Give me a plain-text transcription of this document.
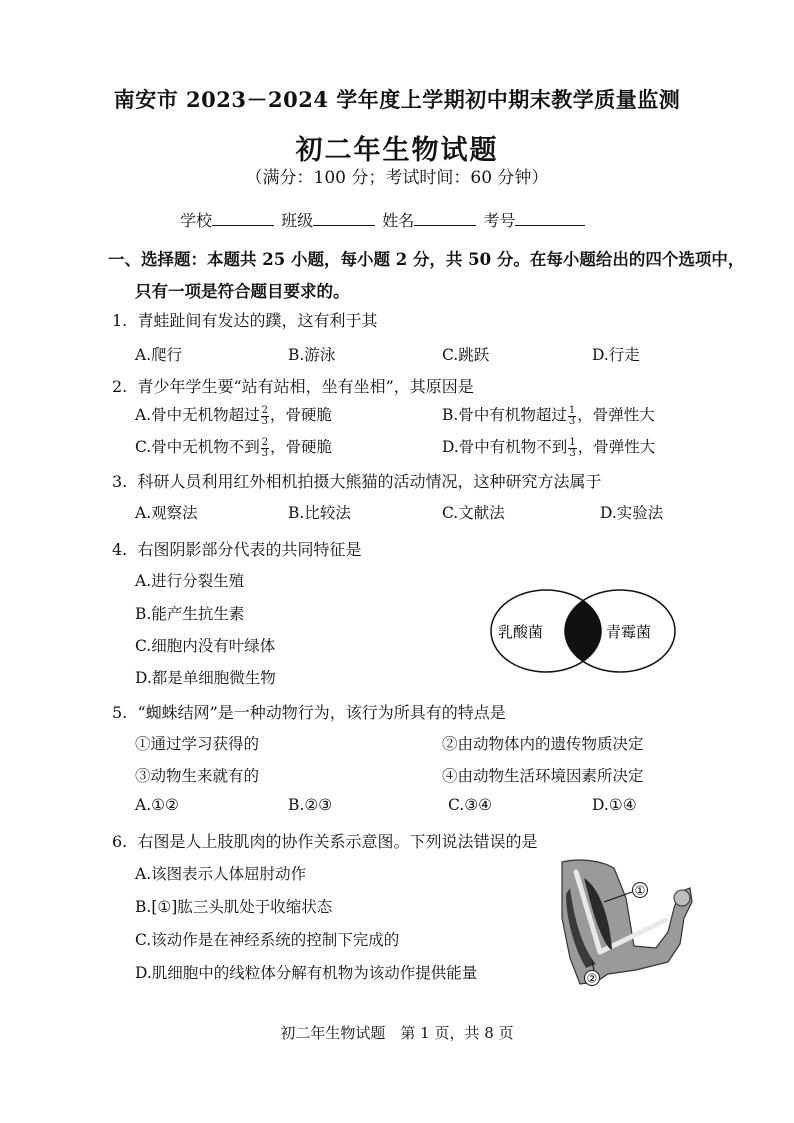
南安市 2023－2024 学年度上学期初中期末教学质量监测
初二年生物试题
（满分：100 分；考试时间：60 分钟）
学校	班级	姓名	考号
一、选择题：本题共 25 小题，每小题 2 分，共 50 分。在每小题给出的四个选项中，
只有一项是符合题目要求的。
1. 青蛙趾间有发达的蹼，这有利于其
A.爬行	B.游泳	C.跳跃	D.行走
2. 青少年学生要“站有站相，坐有坐相”，其原因是
A.骨中无机物超过 $\frac{2}{3}$ ，骨硬脆	B.骨中有机物超过 $\frac{1}{3}$ ，骨弹性大
C.骨中无机物不到 $\frac{2}{3}$ ，骨硬脆	D.骨中有机物不到 $\frac{1}{3}$ ，骨弹性大
3. 科研人员利用红外相机拍摄大熊猫的活动情况，这种研究方法属于
A.观察法	B.比较法	C.文献法	D.实验法
4. 右图阴影部分代表的共同特征是
A.进行分裂生殖
B.能产生抗生素
C.细胞内没有叶绿体
D.都是单细胞微生物
乳酸菌	青霉菌
5. “蜘蛛结网”是一种动物行为，该行为所具有的特点是
①通过学习获得的	②由动物体内的遗传物质决定
③动物生来就有的	④由动物生活环境因素所决定
A.①②	B.②③	C.③④	D.①④
6. 右图是人上肢肌肉的协作关系示意图。下列说法错误的是
A.该图表示人体屈肘动作
B.[①]肱三头肌处于收缩状态
C.该动作是在神经系统的控制下完成的
D.肌细胞中的线粒体分解有机物为该动作提供能量
①
②
初二年生物试题　第 1 页，共 8 页
